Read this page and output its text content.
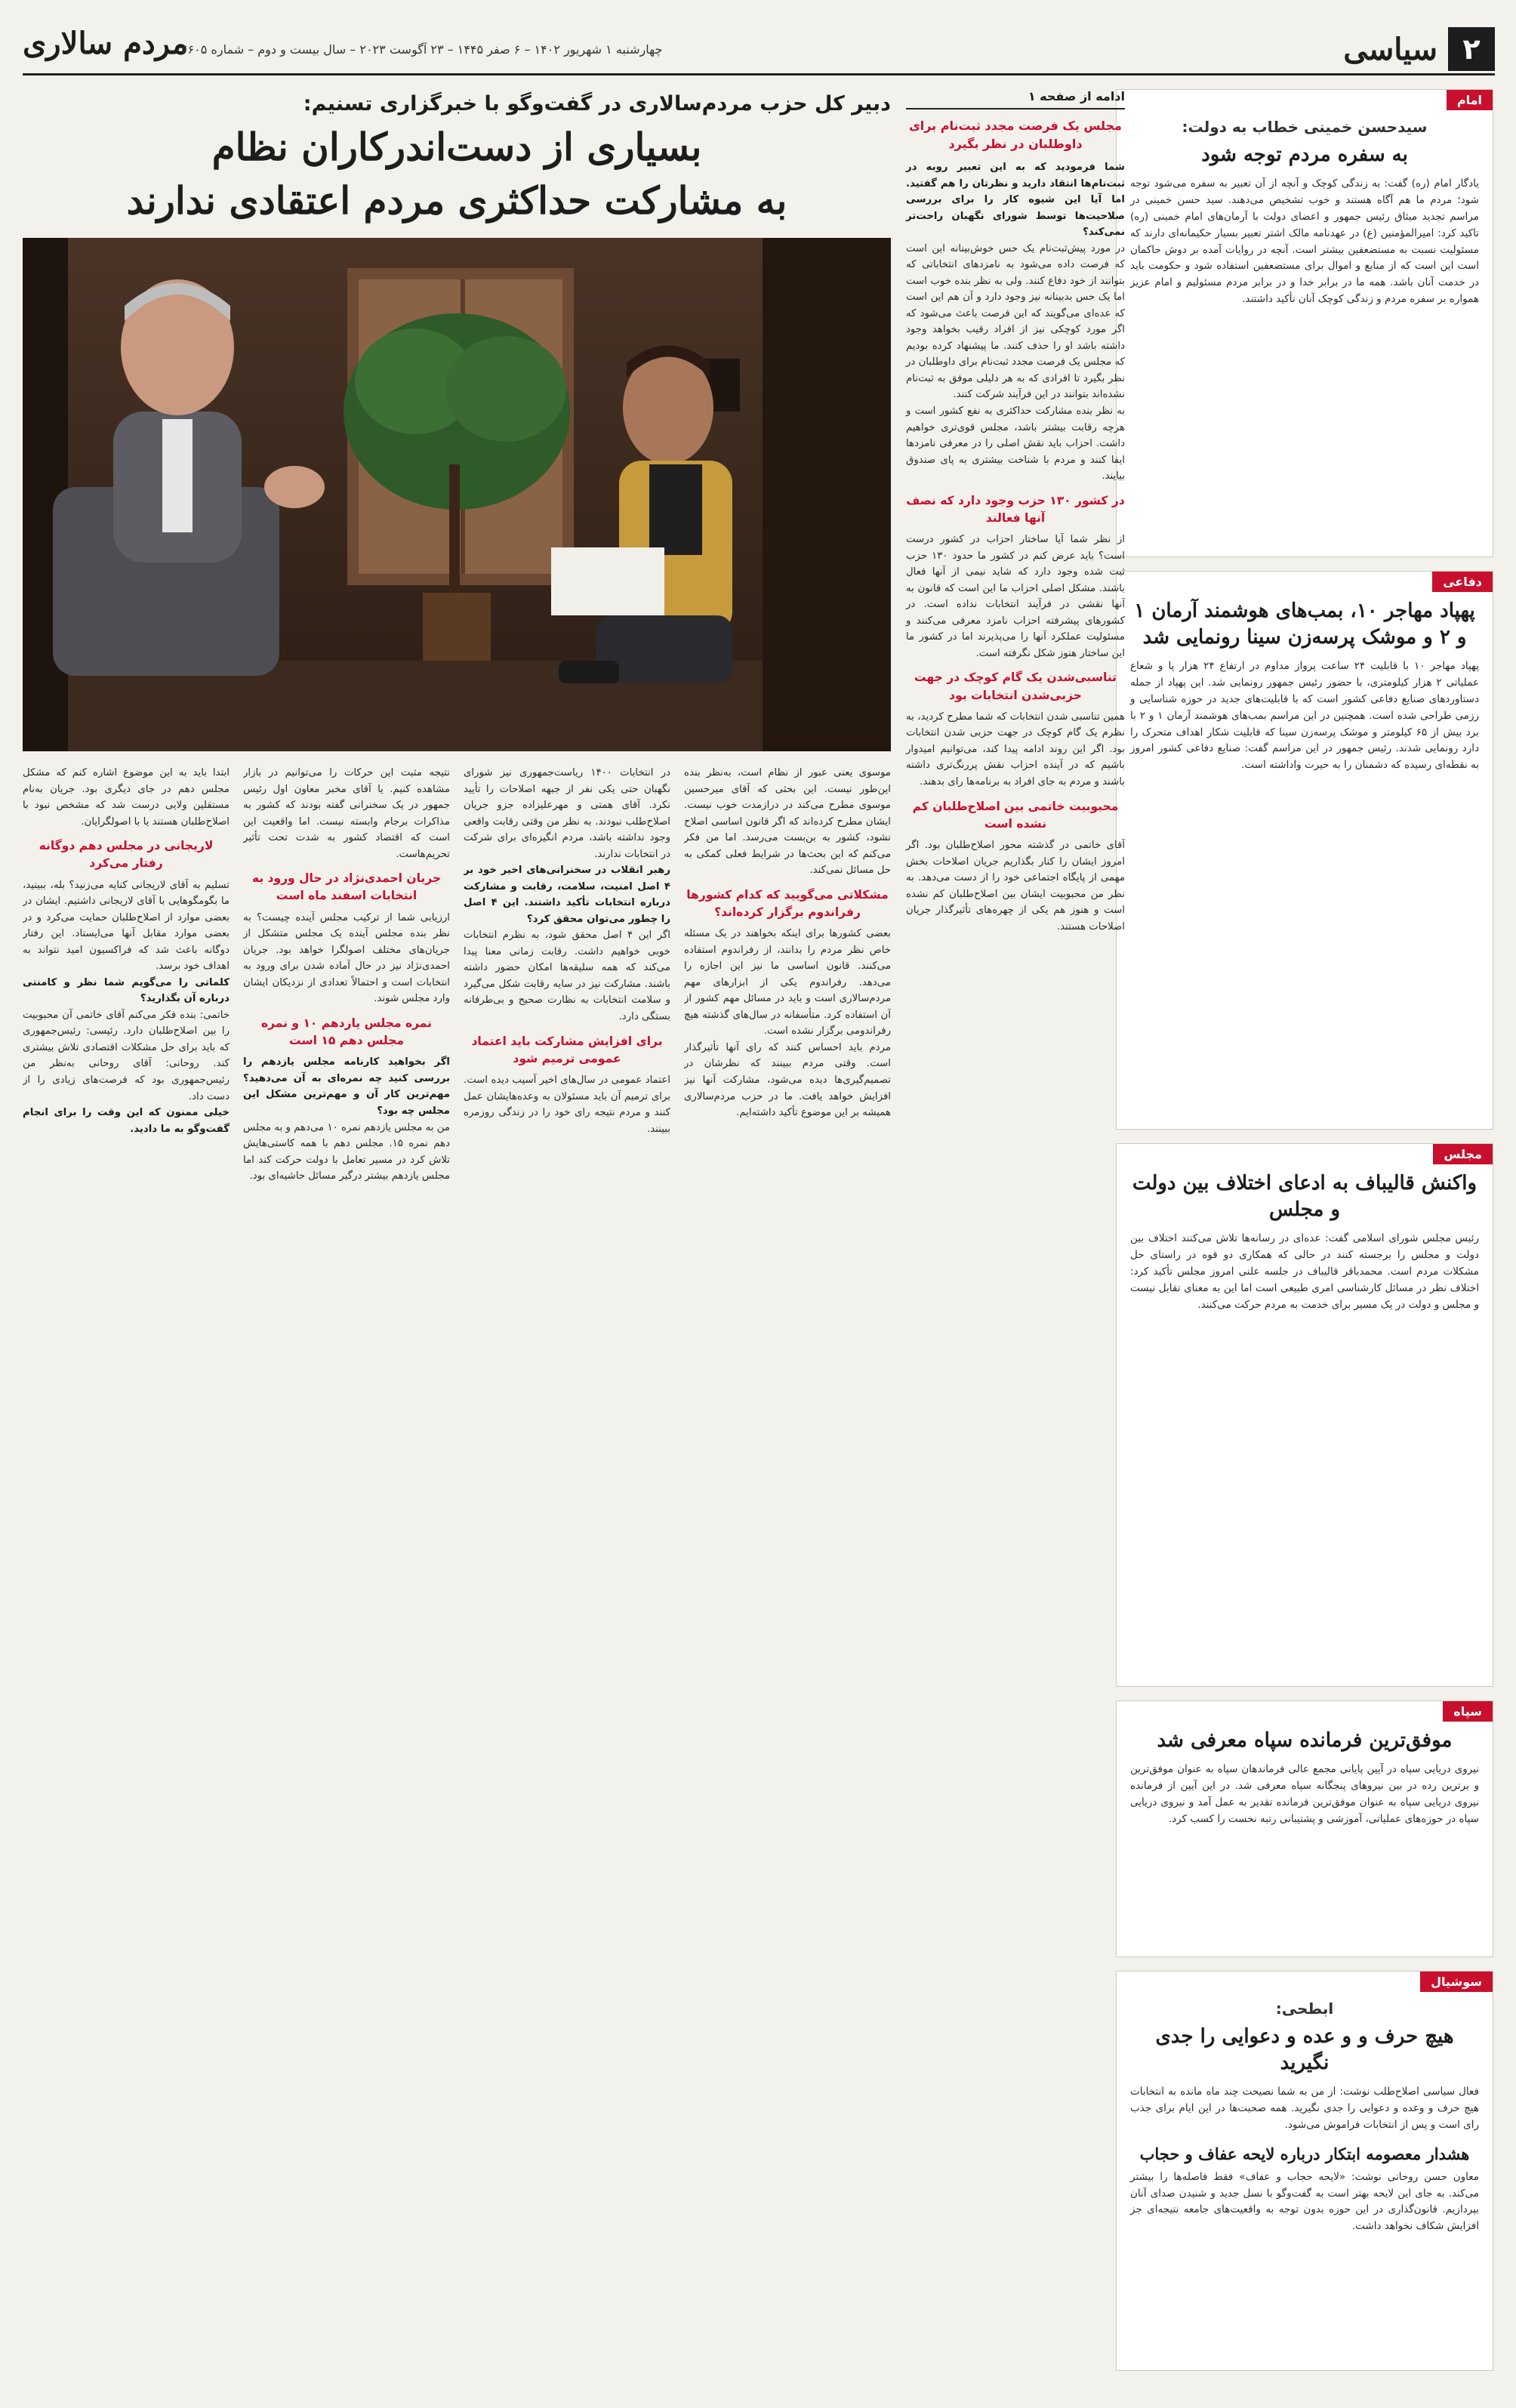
۲
سیاسی
مردم سالاری
چهارشنبه ۱ شهریور ۱۴۰۲ – ۶ صفر ۱۴۴۵ – ۲۳ آگوست ۲۰۲۳ – سال بیست و دوم – شماره ۶۶۰۵
امام
سیدحسن خمینی خطاب به دولت:
به سفره مردم توجه شود

یادگار امام (ره) گفت: به زندگی کوچک و آنچه از آن تعبیر به سفره می‌شود توجه شود؛ مردم ما هم آگاه هستند و خوب تشخیص می‌دهند. سید حسن خمینی در مراسم تجدید میثاق رئیس جمهور و اعضای دولت با آرمان‌های امام خمینی (ره) تاکید کرد: امیرالمؤمنین (ع) در عهدنامه مالک اشتر تعبیر بسیار حکیمانه‌ای دارند که مسئولیت نسبت به مستضعفین بیشتر است. آنچه در روایات آمده بر دوش حاکمان است این است که از منابع و اموال برای مستضعفین استفاده شود و حکومت باید در خدمت آنان باشد. همه ما در برابر خدا و در برابر مردم مسئولیم و امام عزیز همواره بر سفره مردم و زندگی کوچک آنان تأکید داشتند.

دفاعی
پهپاد مهاجر ۱۰، بمب‌های هوشمند آرمان ۱ و ۲ و موشک پرسه‌زن سینا رونمایی شد

پهپاد مهاجر ۱۰ با قابلیت ۲۴ ساعت پرواز مداوم در ارتفاع ۲۴ هزار پا و شعاع عملیاتی ۲ هزار کیلومتری، با حضور رئیس جمهور رونمایی شد. این پهپاد از جمله دستاوردهای صنایع دفاعی کشور است که با قابلیت‌های جدید در حوزه شناسایی و رزمی طراحی شده است. همچنین در این مراسم بمب‌های هوشمند آرمان ۱ و ۲ با برد بیش از ۶۵ کیلومتر و موشک پرسه‌زن سینا که قابلیت شکار اهداف متحرک را دارد رونمایی شدند. رئیس جمهور در این مراسم گفت: صنایع دفاعی کشور امروز به نقطه‌ای رسیده که دشمنان را به حیرت واداشته است.

مجلس
واکنش قالیباف به ادعای اختلاف بین دولت و مجلس

رئیس مجلس شورای اسلامی گفت: عده‌ای در رسانه‌ها تلاش می‌کنند اختلاف بین دولت و مجلس را برجسته کنند در حالی که همکاری دو قوه در راستای حل مشکلات مردم است. محمدباقر قالیباف در جلسه علنی امروز مجلس تأکید کرد: اختلاف نظر در مسائل کارشناسی امری طبیعی است اما این به معنای تقابل نیست و مجلس و دولت در یک مسیر برای خدمت به مردم حرکت می‌کنند.

سپاه
موفق‌ترین فرمانده سپاه معرفی شد

نیروی دریایی سپاه در آیین پایانی مجمع عالی فرماندهان سپاه به عنوان موفق‌ترین و برترین رده در بین نیروهای پنجگانه سپاه معرفی شد. در این آیین از فرمانده نیروی دریایی سپاه به عنوان موفق‌ترین فرمانده تقدیر به عمل آمد و نیروی دریایی سپاه در حوزه‌های عملیاتی، آموزشی و پشتیبانی رتبه نخست را کسب کرد.

سوشیال
ابطحی:
هیچ حرف و و عده و دعوایی را جدی نگیرید

فعال سیاسی اصلاح‌طلب نوشت: از من به شما نصیحت چند ماه مانده به انتخابات هیچ حرف و وعده و دعوایی را جدی نگیرید. همه صحبت‌ها در این ایام برای جذب رای است و پس از انتخابات فراموش می‌شود.

هشدار معصومه ابتکار درباره لایحه عفاف و حجاب

معاون حسن روحانی نوشت: «لایحه حجاب و عفاف» فقط فاصله‌ها را بیشتر می‌کند. به جای این لایحه بهتر است به گفت‌وگو با نسل جدید و شنیدن صدای آنان بپردازیم. قانون‌گذاری در این حوزه بدون توجه به واقعیت‌های جامعه نتیجه‌ای جز افزایش شکاف نخواهد داشت.

ادامه از صفحه ۱
مجلس یک فرصت مجدد ثبت‌نام برای داوطلبان در نظر بگیرد

شما فرمودید که به این تعبیر روبه در ثبت‌نام‌ها انتقاد دارید و نظرتان را هم گفتید. اما آیا این شیوه کار را برای بررسی صلاحیت‌ها توسط شورای نگهبان راحت‌تر نمی‌کند؟

در مورد پیش‌ثبت‌نام یک حس خوش‌بینانه این است که فرصت داده می‌شود به نامزدهای انتخاباتی که بتوانند از خود دفاع کنند. ولی به نظر بنده خوب است اما یک حس بدبینانه نیز وجود دارد و آن هم این است که عده‌ای می‌گویند که این فرصت باعث می‌شود که اگر مورد کوچکی نیز از افراد رقیب بخواهد وجود داشته باشد او را حذف کنند. ما پیشنهاد کرده بودیم که مجلس یک فرصت مجدد ثبت‌نام برای داوطلبان در نظر بگیرد تا افرادی که به هر دلیلی موفق به ثبت‌نام نشده‌اند بتوانند در این فرآیند شرکت کنند.

به نظر بنده مشارکت حداکثری به نفع کشور است و هرچه رقابت بیشتر باشد، مجلس قوی‌تری خواهیم داشت. احزاب باید نقش اصلی را در معرفی نامزدها ایفا کنند و مردم با شناخت بیشتری به پای صندوق بیایند.

در کشور ۱۳۰ حزب وجود دارد که نصف آنها فعالند

از نظر شما آیا ساختار احزاب در کشور درست است؟ باید عرض کنم در کشور ما حدود ۱۳۰ حزب ثبت شده وجود دارد که شاید نیمی از آنها فعال باشند. مشکل اصلی احزاب ما این است که قانون به آنها نقشی در فرآیند انتخابات نداده است. در کشورهای پیشرفته احزاب نامزد معرفی می‌کنند و مسئولیت عملکرد آنها را می‌پذیرند اما در کشور ما این ساختار هنوز شکل نگرفته است.

تناسبی‌شدن یک گام کوچک در جهت حزبی‌شدن انتخابات بود

همین تناسبی شدن انتخابات که شما مطرح کردید، به نظرم یک گام کوچک در جهت حزبی شدن انتخابات بود. اگر این روند ادامه پیدا کند، می‌توانیم امیدوار باشیم که در آینده احزاب نقش پررنگ‌تری داشته باشند و مردم به جای افراد به برنامه‌ها رای بدهند.

محبوبیت خاتمی بین اصلاح‌طلبان کم نشده است

آقای خاتمی در گذشته محور اصلاح‌طلبان بود. اگر امروز ایشان را کنار بگذاریم جریان اصلاحات بخش مهمی از پایگاه اجتماعی خود را از دست می‌دهد. به نظر من محبوبیت ایشان بین اصلاح‌طلبان کم نشده است و هنوز هم یکی از چهره‌های تأثیرگذار جریان اصلاحات هستند.

دبیر کل حزب مردم‌سالاری در گفت‌وگو با خبرگزاری تسنیم:
بسیاری از دست‌اندرکاران نظام
به مشارکت حداکثری مردم اعتقادی ندارند

موسوی یعنی عبور از نظام است، به‌نظر بنده این‌طور نیست. این بحثی که آقای میرحسین موسوی مطرح می‌کند در درازمدت خوب نیست. ایشان مطرح کرده‌اند که اگر قانون اساسی اصلاح نشود، کشور به بن‌بست می‌رسد. اما من فکر می‌کنم که این بحث‌ها در شرایط فعلی کمکی به حل مسائل نمی‌کند.

مشکلاتی می‌گویید که کدام کشورها رفراندوم برگزار کرده‌اند؟

بعضی کشورها برای اینکه بخواهند در یک مسئله خاص نظر مردم را بدانند، از رفراندوم استفاده می‌کنند. قانون اساسی ما نیز این اجازه را می‌دهد. رفراندوم یکی از ابزارهای مهم مردم‌سالاری است و باید در مسائل مهم کشور از آن استفاده کرد. متأسفانه در سال‌های گذشته هیچ رفراندومی برگزار نشده است.

مردم باید احساس کنند که رای آنها تأثیرگذار است. وقتی مردم ببینند که نظرشان در تصمیم‌گیری‌ها دیده می‌شود، مشارکت آنها نیز افزایش خواهد یافت. ما در حزب مردم‌سالاری همیشه بر این موضوع تأکید داشته‌ایم.

در انتخابات ۱۴۰۰ ریاست‌جمهوری نیز شورای نگهبان حتی یکی نفر از جبهه اصلاحات را تأیید نکرد. آقای همتی و مهرعلیزاده جزو جریان اصلاح‌طلب نبودند. به نظر من وقتی رقابت واقعی وجود نداشته باشد، مردم انگیزه‌ای برای شرکت در انتخابات ندارند.

رهبر انقلاب در سخنرانی‌های اخیر خود بر ۴ اصل امنیت، سلامت، رقابت و مشارکت درباره انتخابات تأکید داشتند. این ۴ اصل را چطور می‌توان محقق کرد؟

اگر این ۴ اصل محقق شود، به نظرم انتخابات خوبی خواهیم داشت. رقابت زمانی معنا پیدا می‌کند که همه سلیقه‌ها امکان حضور داشته باشند. مشارکت نیز در سایه رقابت شکل می‌گیرد و سلامت انتخابات به نظارت صحیح و بی‌طرفانه بستگی دارد.

برای افزایش مشارکت باید اعتماد عمومی ترمیم شود

اعتماد عمومی در سال‌های اخیر آسیب دیده است. برای ترمیم آن باید مسئولان به وعده‌هایشان عمل کنند و مردم نتیجه رای خود را در زندگی روزمره ببینند.

نتیجه مثبت این حرکات را می‌توانیم در بازار مشاهده کنیم. یا آقای مخبر معاون اول رئیس جمهور در یک سخنرانی گفته بودند که کشور به مذاکرات برجام وابسته نیست. اما واقعیت این است که اقتصاد کشور به شدت تحت تأثیر تحریم‌هاست.

جریان احمدی‌نژاد در حال ورود به انتخابات اسفند ماه است

ارزیابی شما از ترکیب مجلس آینده چیست؟ به نظر بنده مجلس آینده یک مجلس متشکل از جریان‌های مختلف اصولگرا خواهد بود. جریان احمدی‌نژاد نیز در حال آماده شدن برای ورود به انتخابات است و احتمالاً تعدادی از نزدیکان ایشان وارد مجلس شوند.

نمره مجلس یازدهم ۱۰ و نمره مجلس دهم ۱۵ است
اگر بخواهید کارنامه مجلس یازدهم را بررسی کنید چه نمره‌ای به آن می‌دهید؟ مهم‌ترین کار آن و مهم‌ترین مشکل این مجلس چه بود؟

من به مجلس یازدهم نمره ۱۰ می‌دهم و به مجلس دهم نمره ۱۵. مجلس دهم با همه کاستی‌هایش تلاش کرد در مسیر تعامل با دولت حرکت کند اما مجلس یازدهم بیشتر درگیر مسائل حاشیه‌ای بود.

ابتدا باید به این موضوع اشاره کنم که مشکل مجلس دهم در جای دیگری بود. جریان به‌نام مستقلین ولایی درست شد که مشخص نبود با اصلاح‌طلبان هستند یا با اصولگرایان.

لاریجانی در مجلس دهم دوگانه رفتار می‌کرد

تسلیم به آقای لاریجانی کنایه می‌زنید؟ بله، ببینید، ما بگومگوهایی با آقای لاریجانی داشتیم. ایشان در بعضی موارد از اصلاح‌طلبان حمایت می‌کرد و در بعضی موارد مقابل آنها می‌ایستاد. این رفتار دوگانه باعث شد که فراکسیون امید نتواند به اهداف خود برسد.

کلماتی را می‌گویم شما نظر و کامنتی درباره آن بگذارید؟

خاتمی: بنده فکر می‌کنم آقای خاتمی آن محبوبیت را بین اصلاح‌طلبان دارد. رئیسی: رئیس‌جمهوری که باید برای حل مشکلات اقتصادی تلاش بیشتری کند. روحانی: آقای روحانی به‌نظر من رئیس‌جمهوری بود که فرصت‌های زیادی را از دست داد.

خیلی ممنون که این وقت را برای انجام گفت‌وگو به ما دادید.
